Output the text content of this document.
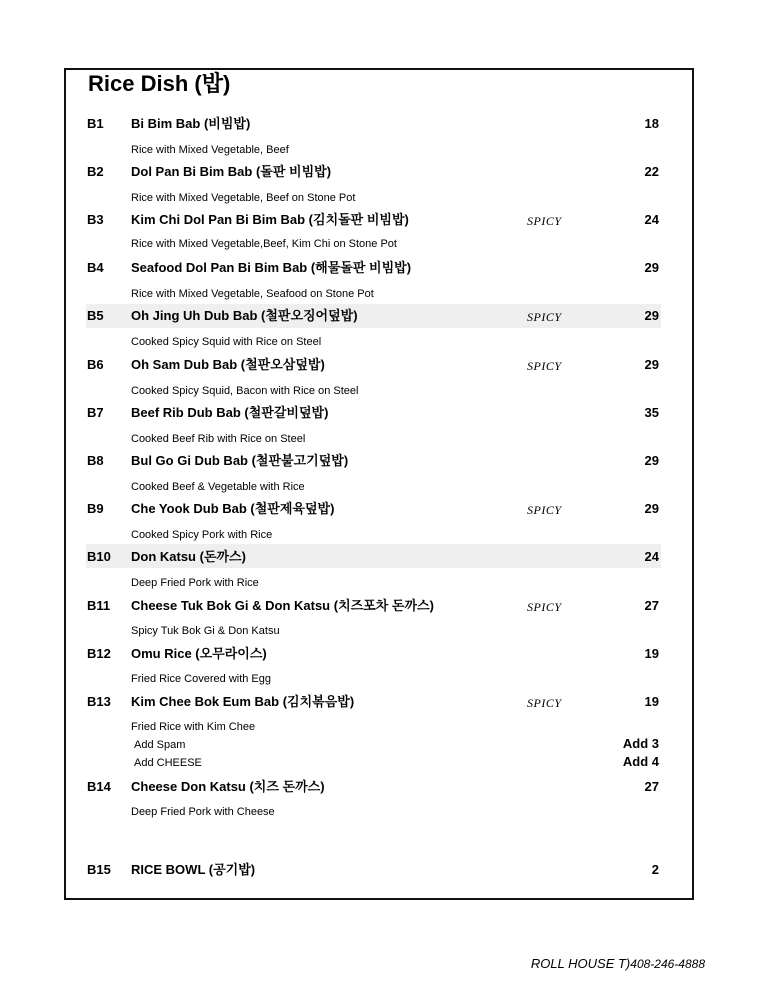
Rice Dish (밥)
B1 Bi Bim Bab (비빔밥)	18
Rice with Mixed Vegetable, Beef
B2 Dol Pan Bi Bim Bab (돌판 비빔밥)	22
Rice with Mixed Vegetable, Beef on Stone Pot
B3 Kim Chi Dol Pan Bi Bim Bab (김치돌판 비빔밥)	SPICY	24
Rice with Mixed Vegetable,Beef, Kim Chi on Stone Pot
B4 Seafood Dol Pan Bi Bim Bab (해물돌판 비빔밥)	29
Rice with Mixed Vegetable, Seafood on Stone Pot
B5 Oh Jing Uh Dub Bab (철판오징어덮밥)	SPICY	29
Cooked Spicy Squid with Rice on Steel
B6 Oh Sam Dub Bab (철판오삼덮밥)	SPICY	29
Cooked Spicy Squid, Bacon with Rice on Steel
B7 Beef Rib Dub Bab (철판갈비덮밥)	35
Cooked Beef Rib with Rice on Steel
B8 Bul Go Gi Dub Bab (철판불고기덮밥)	29
Cooked Beef & Vegetable with Rice
B9 Che Yook Dub Bab (철판제육덮밥)	SPICY	29
Cooked Spicy Pork with Rice
B10 Don Katsu (돈까스)	24
Deep Fried Pork with Rice
B11 Cheese Tuk Bok Gi & Don Katsu (치즈포차 돈까스)	SPICY	27
Spicy Tuk Bok Gi & Don Katsu
B12 Omu Rice (오무라이스)	19
Fried Rice Covered with Egg
B13 Kim Chee Bok Eum Bab (김치볶음밥)	SPICY	19
Fried Rice with Kim Chee
Add Spam	Add 3
Add CHEESE	Add 4
B14 Cheese Don Katsu (치즈 돈까스)	27
Deep Fried Pork with Cheese
B15 RICE BOWL (공기밥)	2
ROLL HOUSE T)408-246-4888
